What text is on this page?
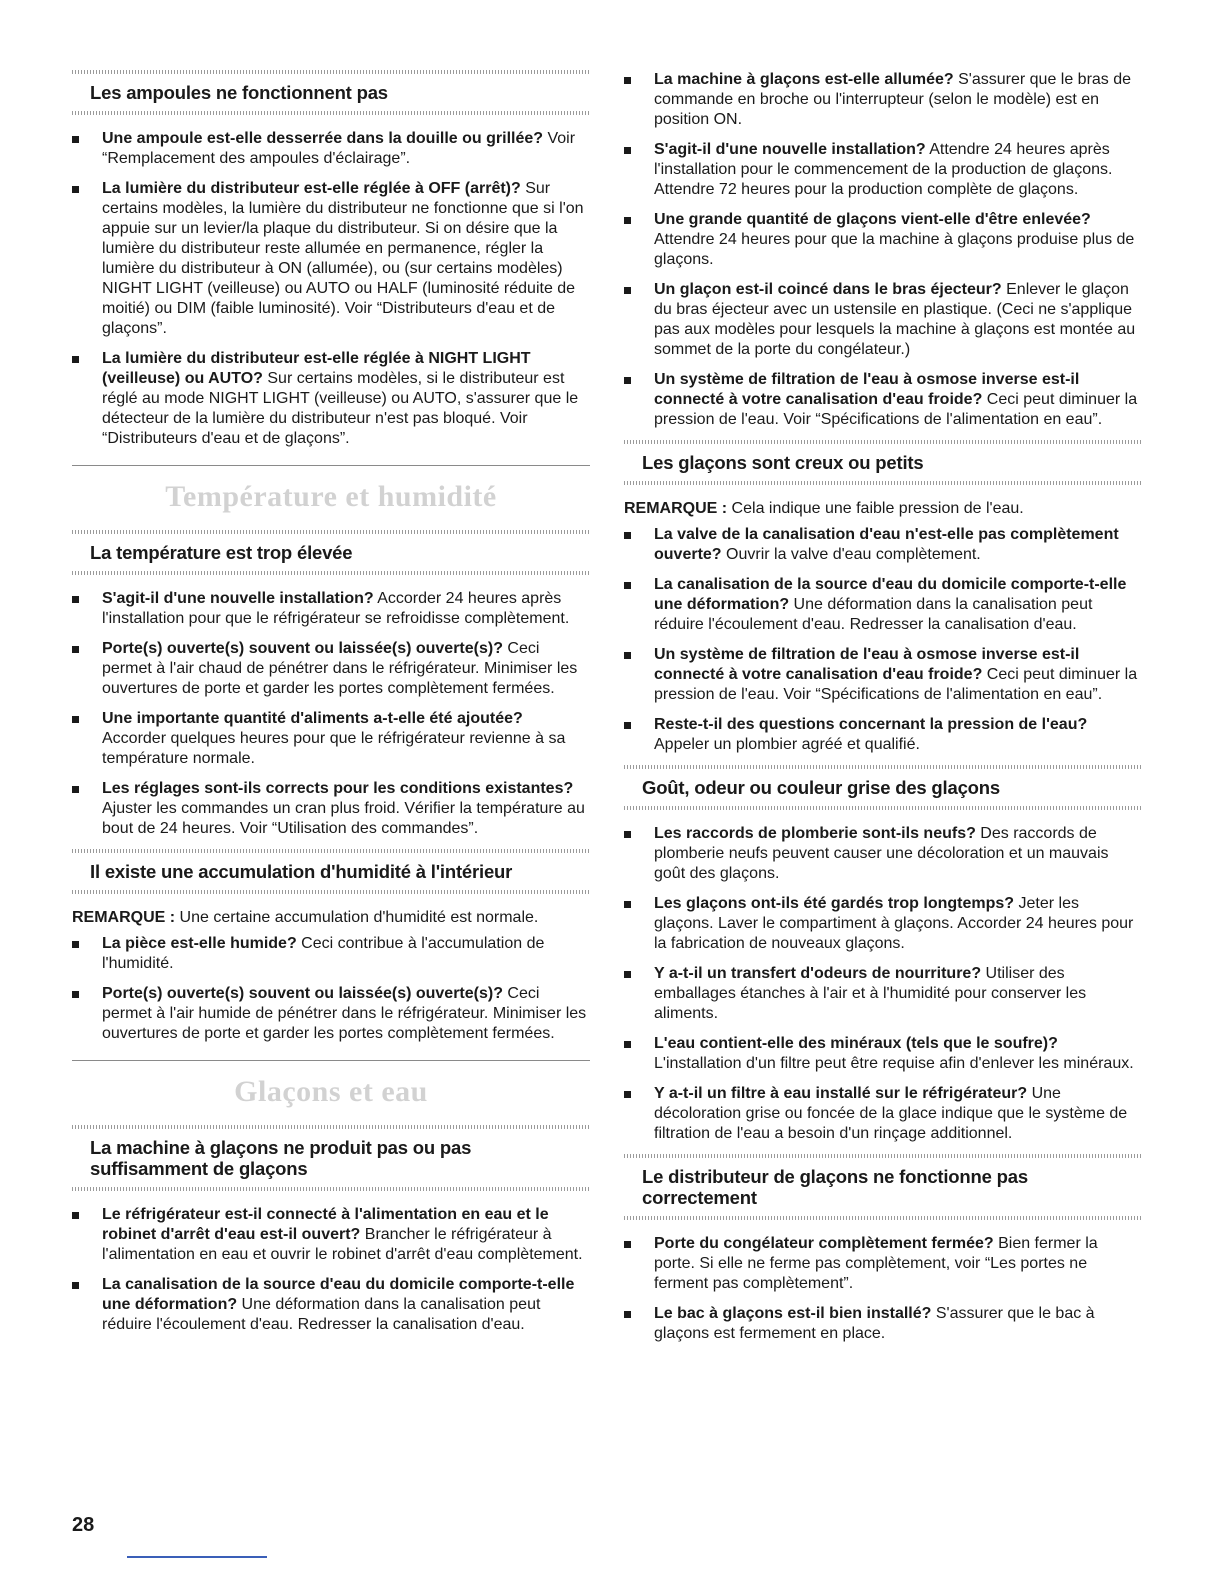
Les ampoules ne fonctionnent pas
Une ampoule est-elle desserrée dans la douille ou grillée? Voir “Remplacement des ampoules d'éclairage”.
La lumière du distributeur est-elle réglée à OFF (arrêt)? Sur certains modèles, la lumière du distributeur ne fonctionne que si l'on appuie sur un levier/la plaque du distributeur. Si on désire que la lumière du distributeur reste allumée en permanence, régler la lumière du distributeur à ON (allumée), ou (sur certains modèles) NIGHT LIGHT (veilleuse) ou AUTO ou HALF (luminosité réduite de moitié) ou DIM (faible luminosité). Voir “Distributeurs d'eau et de glaçons”.
La lumière du distributeur est-elle réglée à NIGHT LIGHT (veilleuse) ou AUTO? Sur certains modèles, si le distributeur est réglé au mode NIGHT LIGHT (veilleuse) ou AUTO, s'assurer que le détecteur de la lumière du distributeur n'est pas bloqué. Voir “Distributeurs d'eau et de glaçons”.
Température et humidité
La température est trop élevée
S'agit-il d'une nouvelle installation? Accorder 24 heures après l'installation pour que le réfrigérateur se refroidisse complètement.
Porte(s) ouverte(s) souvent ou laissée(s) ouverte(s)? Ceci permet à l'air chaud de pénétrer dans le réfrigérateur. Minimiser les ouvertures de porte et garder les portes complètement fermées.
Une importante quantité d'aliments a-t-elle été ajoutée? Accorder quelques heures pour que le réfrigérateur revienne à sa température normale.
Les réglages sont-ils corrects pour les conditions existantes? Ajuster les commandes un cran plus froid. Vérifier la température au bout de 24 heures. Voir “Utilisation des commandes”.
Il existe une accumulation d'humidité à l'intérieur

REMARQUE : Une certaine accumulation d'humidité est normale.

La pièce est-elle humide? Ceci contribue à l'accumulation de l'humidité.
Porte(s) ouverte(s) souvent ou laissée(s) ouverte(s)? Ceci permet à l'air humide de pénétrer dans le réfrigérateur. Minimiser les ouvertures de porte et garder les portes complètement fermées.
Glaçons et eau
La machine à glaçons ne produit pas ou pas suffisamment de glaçons
Le réfrigérateur est-il connecté à l'alimentation en eau et le robinet d'arrêt d'eau est-il ouvert? Brancher le réfrigérateur à l'alimentation en eau et ouvrir le robinet d'arrêt d'eau complètement.
La canalisation de la source d'eau du domicile comporte-t-elle une déformation? Une déformation dans la canalisation peut réduire l'écoulement d'eau. Redresser la canalisation d'eau.
La machine à glaçons est-elle allumée? S'assurer que le bras de commande en broche ou l'interrupteur (selon le modèle) est en position ON.
S'agit-il d'une nouvelle installation? Attendre 24 heures après l'installation pour le commencement de la production de glaçons. Attendre 72 heures pour la production complète de glaçons.
Une grande quantité de glaçons vient-elle d'être enlevée? Attendre 24 heures pour que la machine à glaçons produise plus de glaçons.
Un glaçon est-il coincé dans le bras éjecteur? Enlever le glaçon du bras éjecteur avec un ustensile en plastique. (Ceci ne s'applique pas aux modèles pour lesquels la machine à glaçons est montée au sommet de la porte du congélateur.)
Un système de filtration de l'eau à osmose inverse est-il connecté à votre canalisation d'eau froide? Ceci peut diminuer la pression de l'eau. Voir “Spécifications de l'alimentation en eau”.
Les glaçons sont creux ou petits

REMARQUE : Cela indique une faible pression de l'eau.

La valve de la canalisation d'eau n'est-elle pas complètement ouverte? Ouvrir la valve d'eau complètement.
La canalisation de la source d'eau du domicile comporte-t-elle une déformation? Une déformation dans la canalisation peut réduire l'écoulement d'eau. Redresser la canalisation d'eau.
Un système de filtration de l'eau à osmose inverse est-il connecté à votre canalisation d'eau froide? Ceci peut diminuer la pression de l'eau. Voir “Spécifications de l'alimentation en eau”.
Reste-t-il des questions concernant la pression de l'eau? Appeler un plombier agréé et qualifié.
Goût, odeur ou couleur grise des glaçons
Les raccords de plomberie sont-ils neufs? Des raccords de plomberie neufs peuvent causer une décoloration et un mauvais goût des glaçons.
Les glaçons ont-ils été gardés trop longtemps? Jeter les glaçons. Laver le compartiment à glaçons. Accorder 24 heures pour la fabrication de nouveaux glaçons.
Y a-t-il un transfert d'odeurs de nourriture? Utiliser des emballages étanches à l'air et à l'humidité pour conserver les aliments.
L'eau contient-elle des minéraux (tels que le soufre)? L'installation d'un filtre peut être requise afin d'enlever les minéraux.
Y a-t-il un filtre à eau installé sur le réfrigérateur? Une décoloration grise ou foncée de la glace indique que le système de filtration de l'eau a besoin d'un rinçage additionnel.
Le distributeur de glaçons ne fonctionne pas correctement
Porte du congélateur complètement fermée? Bien fermer la porte. Si elle ne ferme pas complètement, voir “Les portes ne ferment pas complètement”.
Le bac à glaçons est-il bien installé? S'assurer que le bac à glaçons est fermement en place.

28
